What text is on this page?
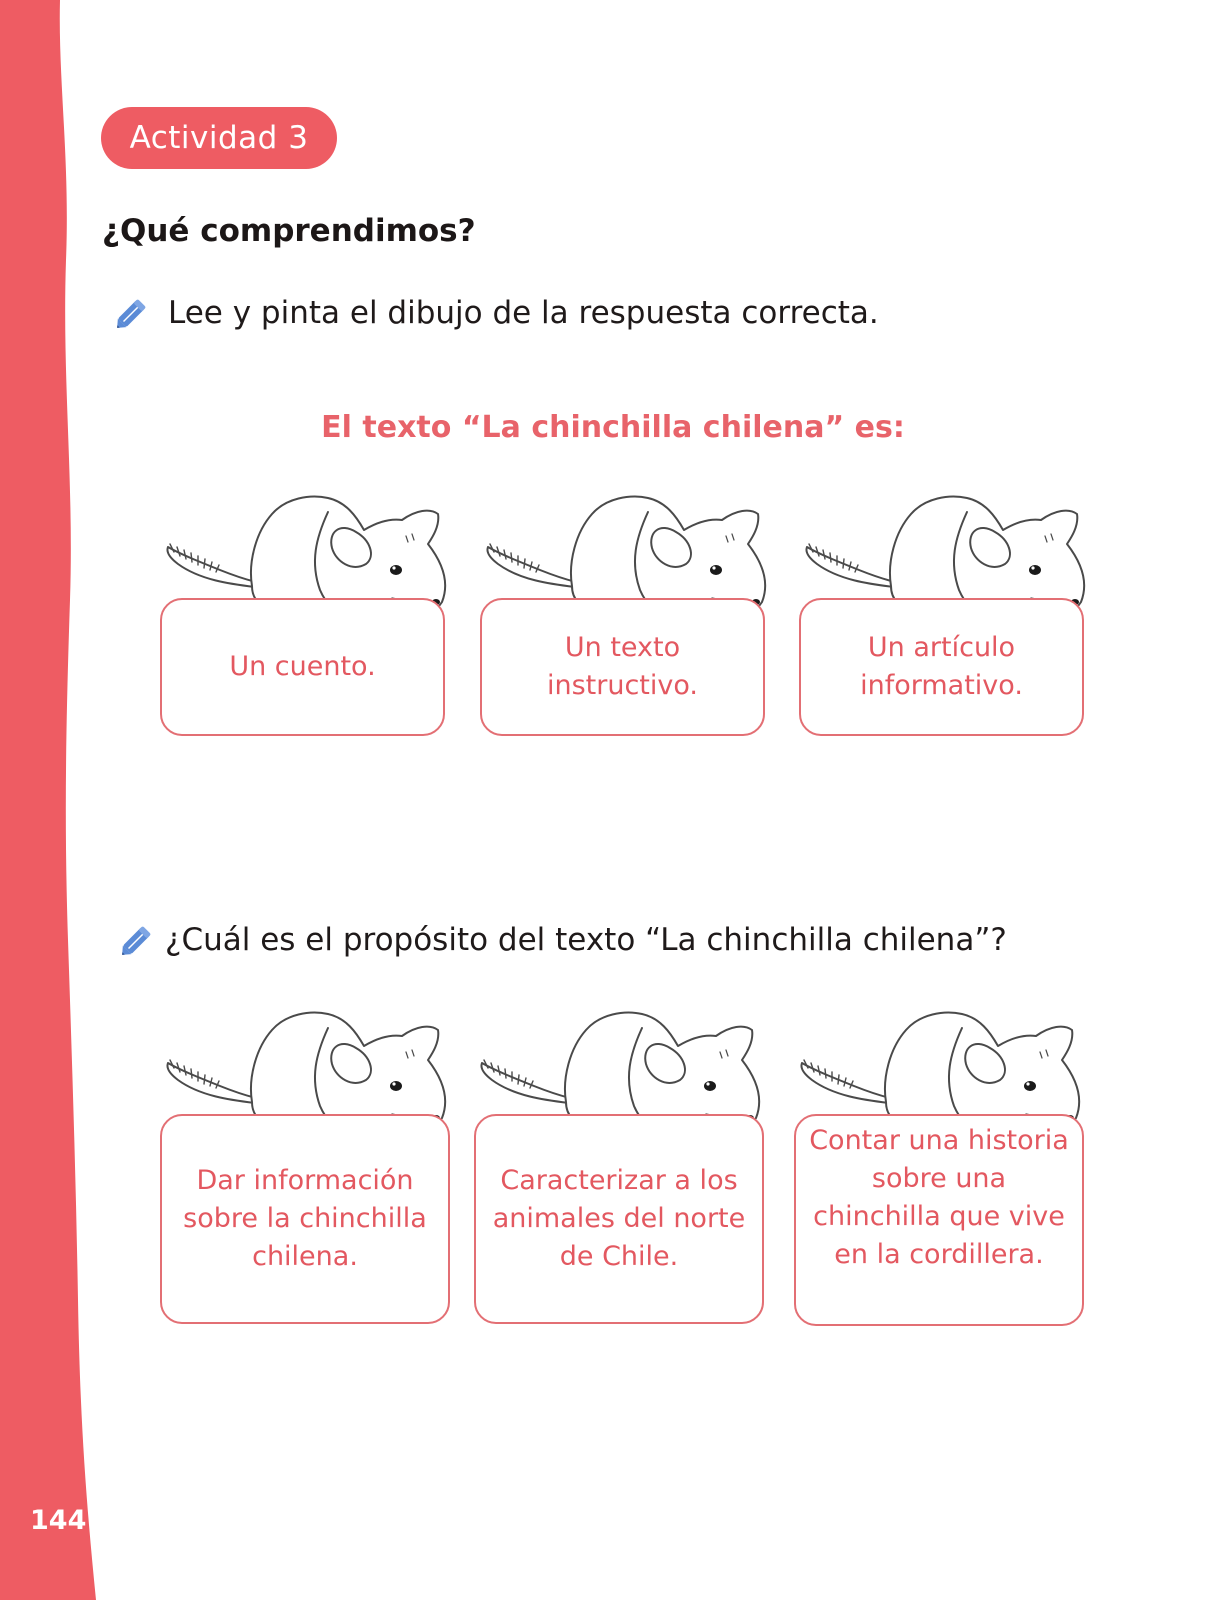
144
Actividad 3
¿Qué comprendimos?
Lee y pinta el dibujo de la respuesta correcta.
El texto “La chinchilla chilena” es:
Un cuento.
Un texto instructivo.
Un artículo informativo.
¿Cuál es el propósito del texto “La chinchilla chilena”?
Dar información sobre la chinchilla chilena.
Caracterizar a los animales del norte de Chile.
Contar una historia sobre una chinchilla que vive en la cordillera.
